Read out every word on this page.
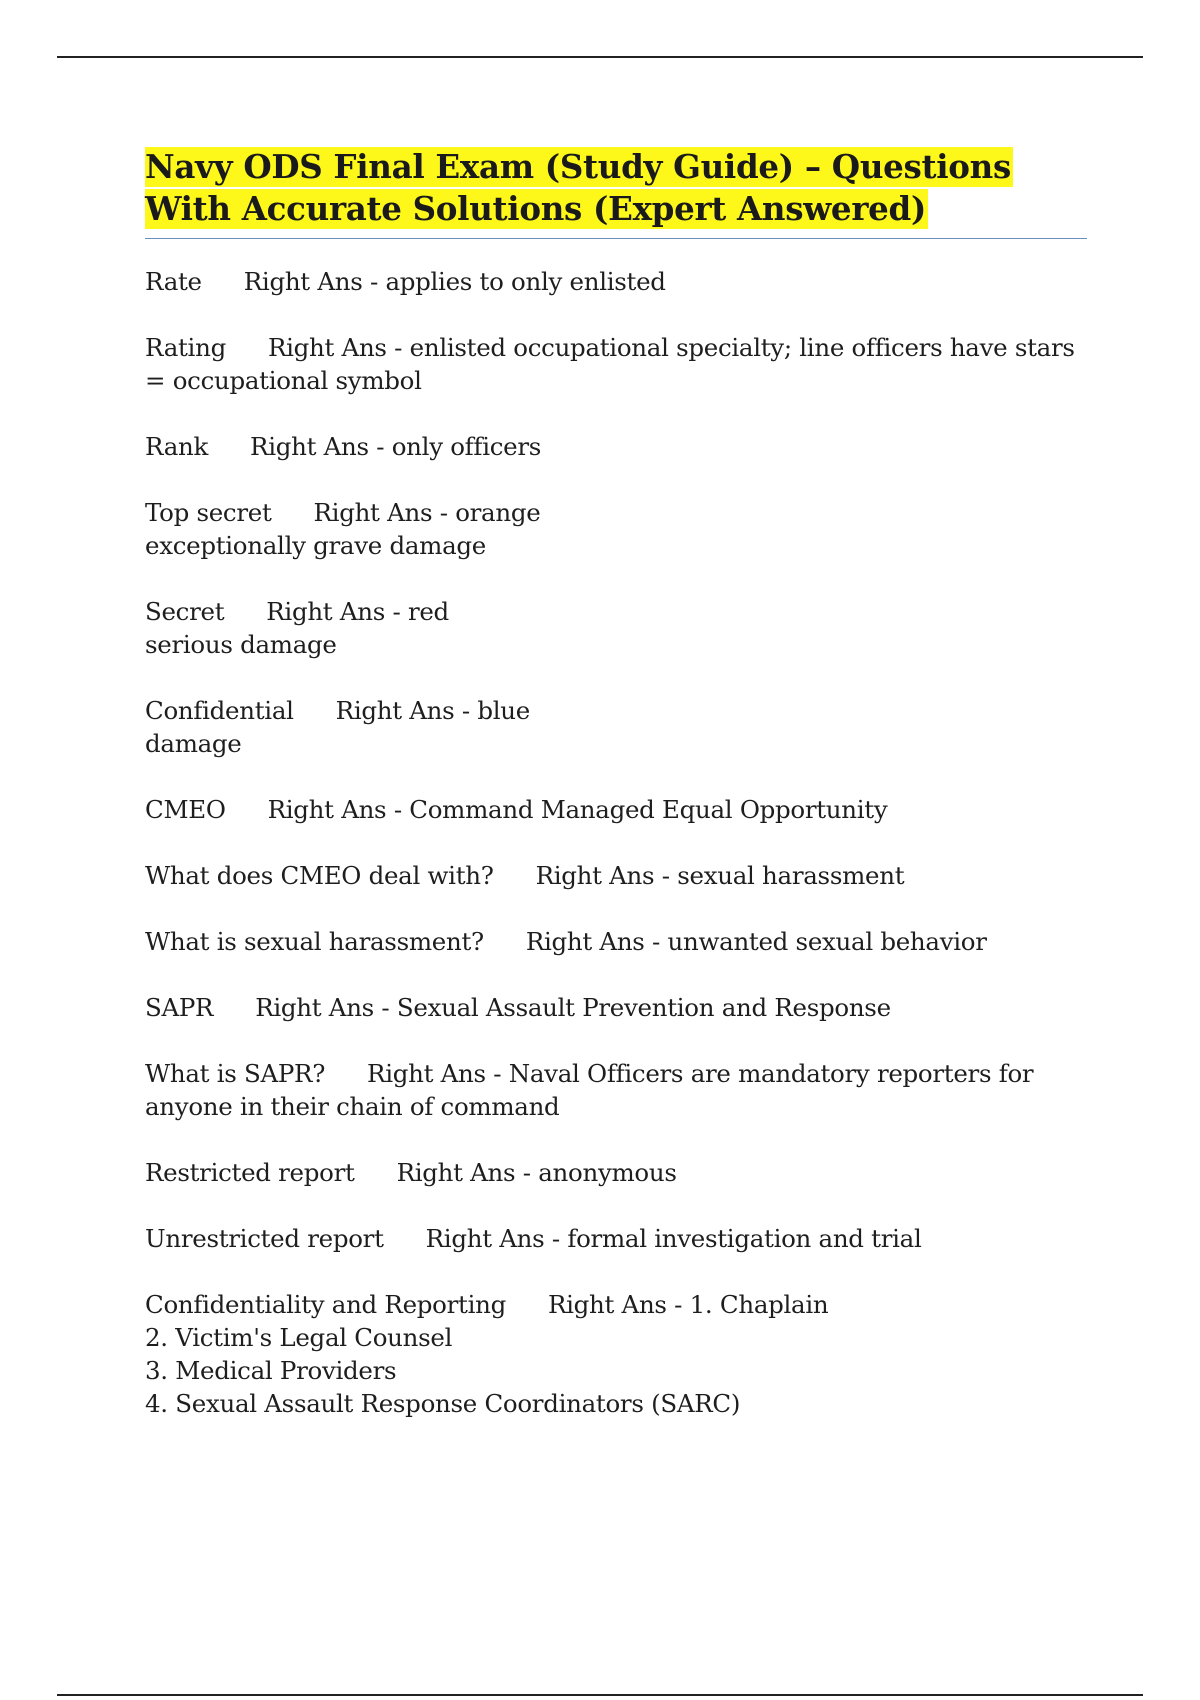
Navy ODS Final Exam (Study Guide) – Questions With Accurate Solutions (Expert Answered)
Rate Right Ans - applies to only enlisted
Rating Right Ans - enlisted occupational specialty; line officers have stars = occupational symbol
Rank Right Ans - only officers
Top secret Right Ans - orange
exceptionally grave damage
Secret Right Ans - red
serious damage
Confidential Right Ans - blue
damage
CMEO Right Ans - Command Managed Equal Opportunity
What does CMEO deal with? Right Ans - sexual harassment
What is sexual harassment? Right Ans - unwanted sexual behavior
SAPR Right Ans - Sexual Assault Prevention and Response
What is SAPR? Right Ans - Naval Officers are mandatory reporters for anyone in their chain of command
Restricted report Right Ans - anonymous
Unrestricted report Right Ans - formal investigation and trial
Confidentiality and Reporting Right Ans - 1. Chaplain
2. Victim's Legal Counsel
3. Medical Providers
4. Sexual Assault Response Coordinators (SARC)
